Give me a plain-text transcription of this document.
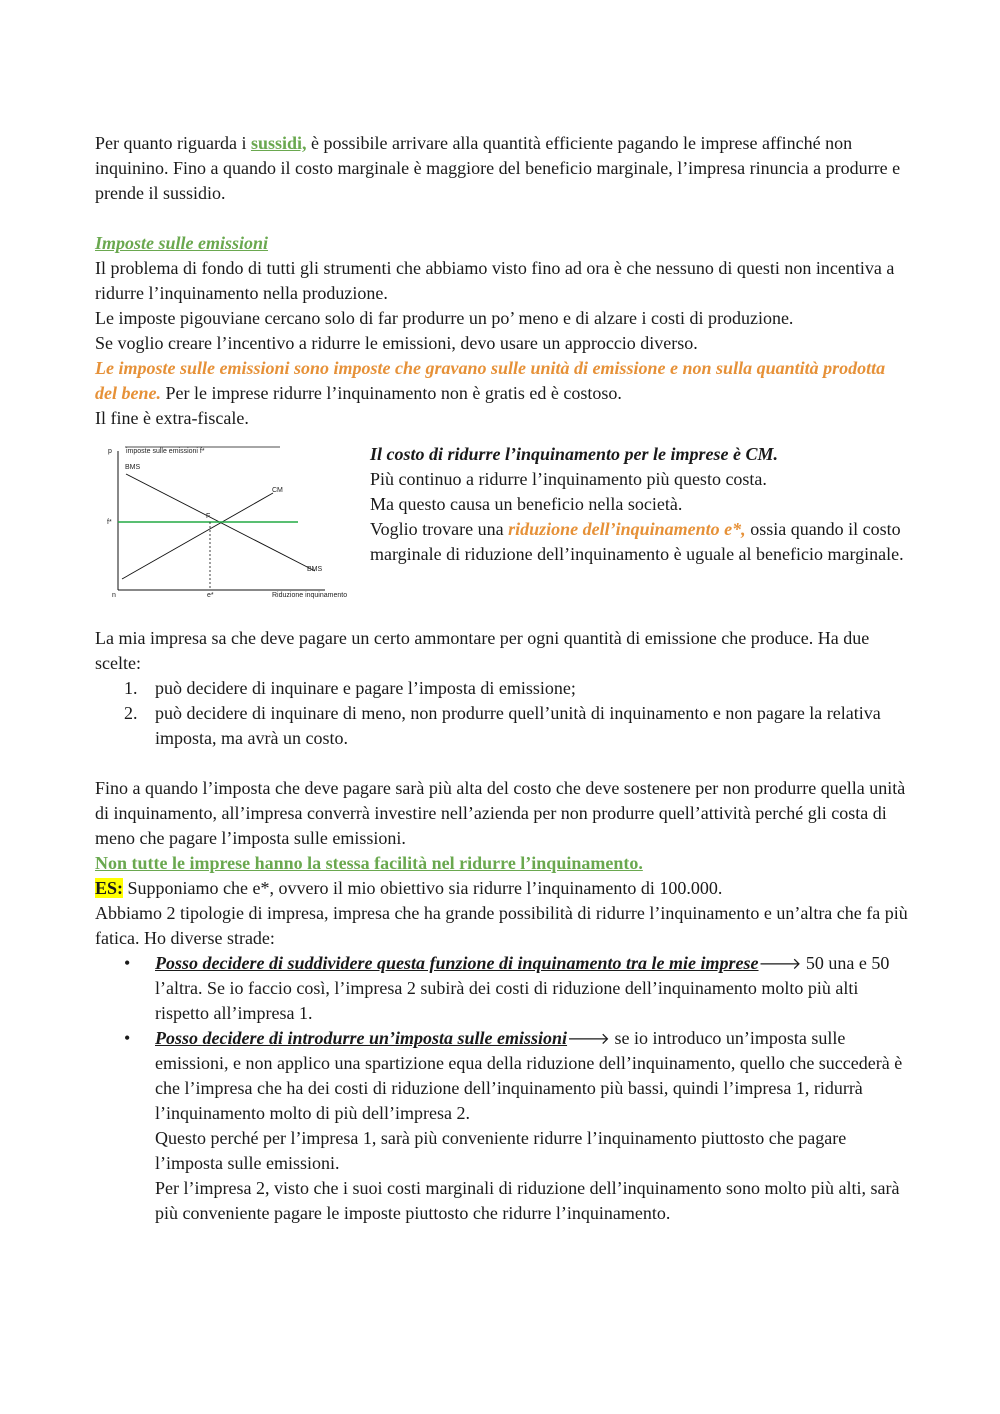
Per quanto riguarda i sussidi, è possibile arrivare alla quantità efficiente pagando le imprese affinché non inquinino. Fino a quando il costo marginale è maggiore del beneficio marginale, l’impresa rinuncia a produrre e prende il sussidio.

Imposte sulle emissioni

Il problema di fondo di tutti gli strumenti che abbiamo visto fino ad ora è che nessuno di questi non incentiva a ridurre l’inquinamento nella produzione.

Le imposte pigouviane cercano solo di far produrre un po’ meno e di alzare i costi di produzione.

Se voglio creare l’incentivo a ridurre le emissioni, devo usare un approccio diverso.

Le imposte sulle emissioni sono imposte che gravano sulle unità di emissione e non sulla quantità prodotta del bene. Per le imprese ridurre l’inquinamento non è gratis ed è costoso.

Il fine è extra-fiscale.

p imposte sulle emissioni f*
BMS
CM
F
f*
BMS
n	e*	Riduzione inquinamento

Il costo di ridurre l’inquinamento per le imprese è CM.

Più continuo a ridurre l’inquinamento più questo costa.

Ma questo causa un beneficio nella società.

Voglio trovare una riduzione dell’inquinamento e*, ossia quando il costo marginale di riduzione dell’inquinamento è uguale al beneficio marginale.

La mia impresa sa che deve pagare un certo ammontare per ogni quantità di emissione che produce. Ha due scelte:

1. può decidere di inquinare e pagare l’imposta di emissione;
2. può decidere di inquinare di meno, non produrre quell’unità di inquinamento e non pagare la relativa imposta, ma avrà un costo.

Fino a quando l’imposta che deve pagare sarà più alta del costo che deve sostenere per non produrre quella unità di inquinamento, all’impresa converrà investire nell’azienda per non produrre quell’attività perché gli costa di meno che pagare l’imposta sulle emissioni.

Non tutte le imprese hanno la stessa facilità nel ridurre l’inquinamento.

ES: Supponiamo che e*, ovvero il mio obiettivo sia ridurre l’inquinamento di 100.000.

Abbiamo 2 tipologie di impresa, impresa che ha grande possibilità di ridurre l’inquinamento e un’altra che fa più fatica. Ho diverse strade:

• Posso decidere di suddividere questa funzione di inquinamento tra le mie imprese🡒 50 una e 50 l’altra. Se io faccio così, l’impresa 2 subirà dei costi di riduzione dell’inquinamento molto più alti rispetto all’impresa 1.
• Posso decidere di introdurre un’imposta sulle emissioni🡒 se io introduco un’imposta sulle emissioni, e non applico una spartizione equa della riduzione dell’inquinamento, quello che succederà è che l’impresa che ha dei costi di riduzione dell’inquinamento più bassi, quindi l’impresa 1, ridurrà l’inquinamento molto di più dell’impresa 2.

Questo perché per l’impresa 1, sarà più conveniente ridurre l’inquinamento piuttosto che pagare l’imposta sulle emissioni.

Per l’impresa 2, visto che i suoi costi marginali di riduzione dell’inquinamento sono molto più alti, sarà più conveniente pagare le imposte piuttosto che ridurre l’inquinamento.
